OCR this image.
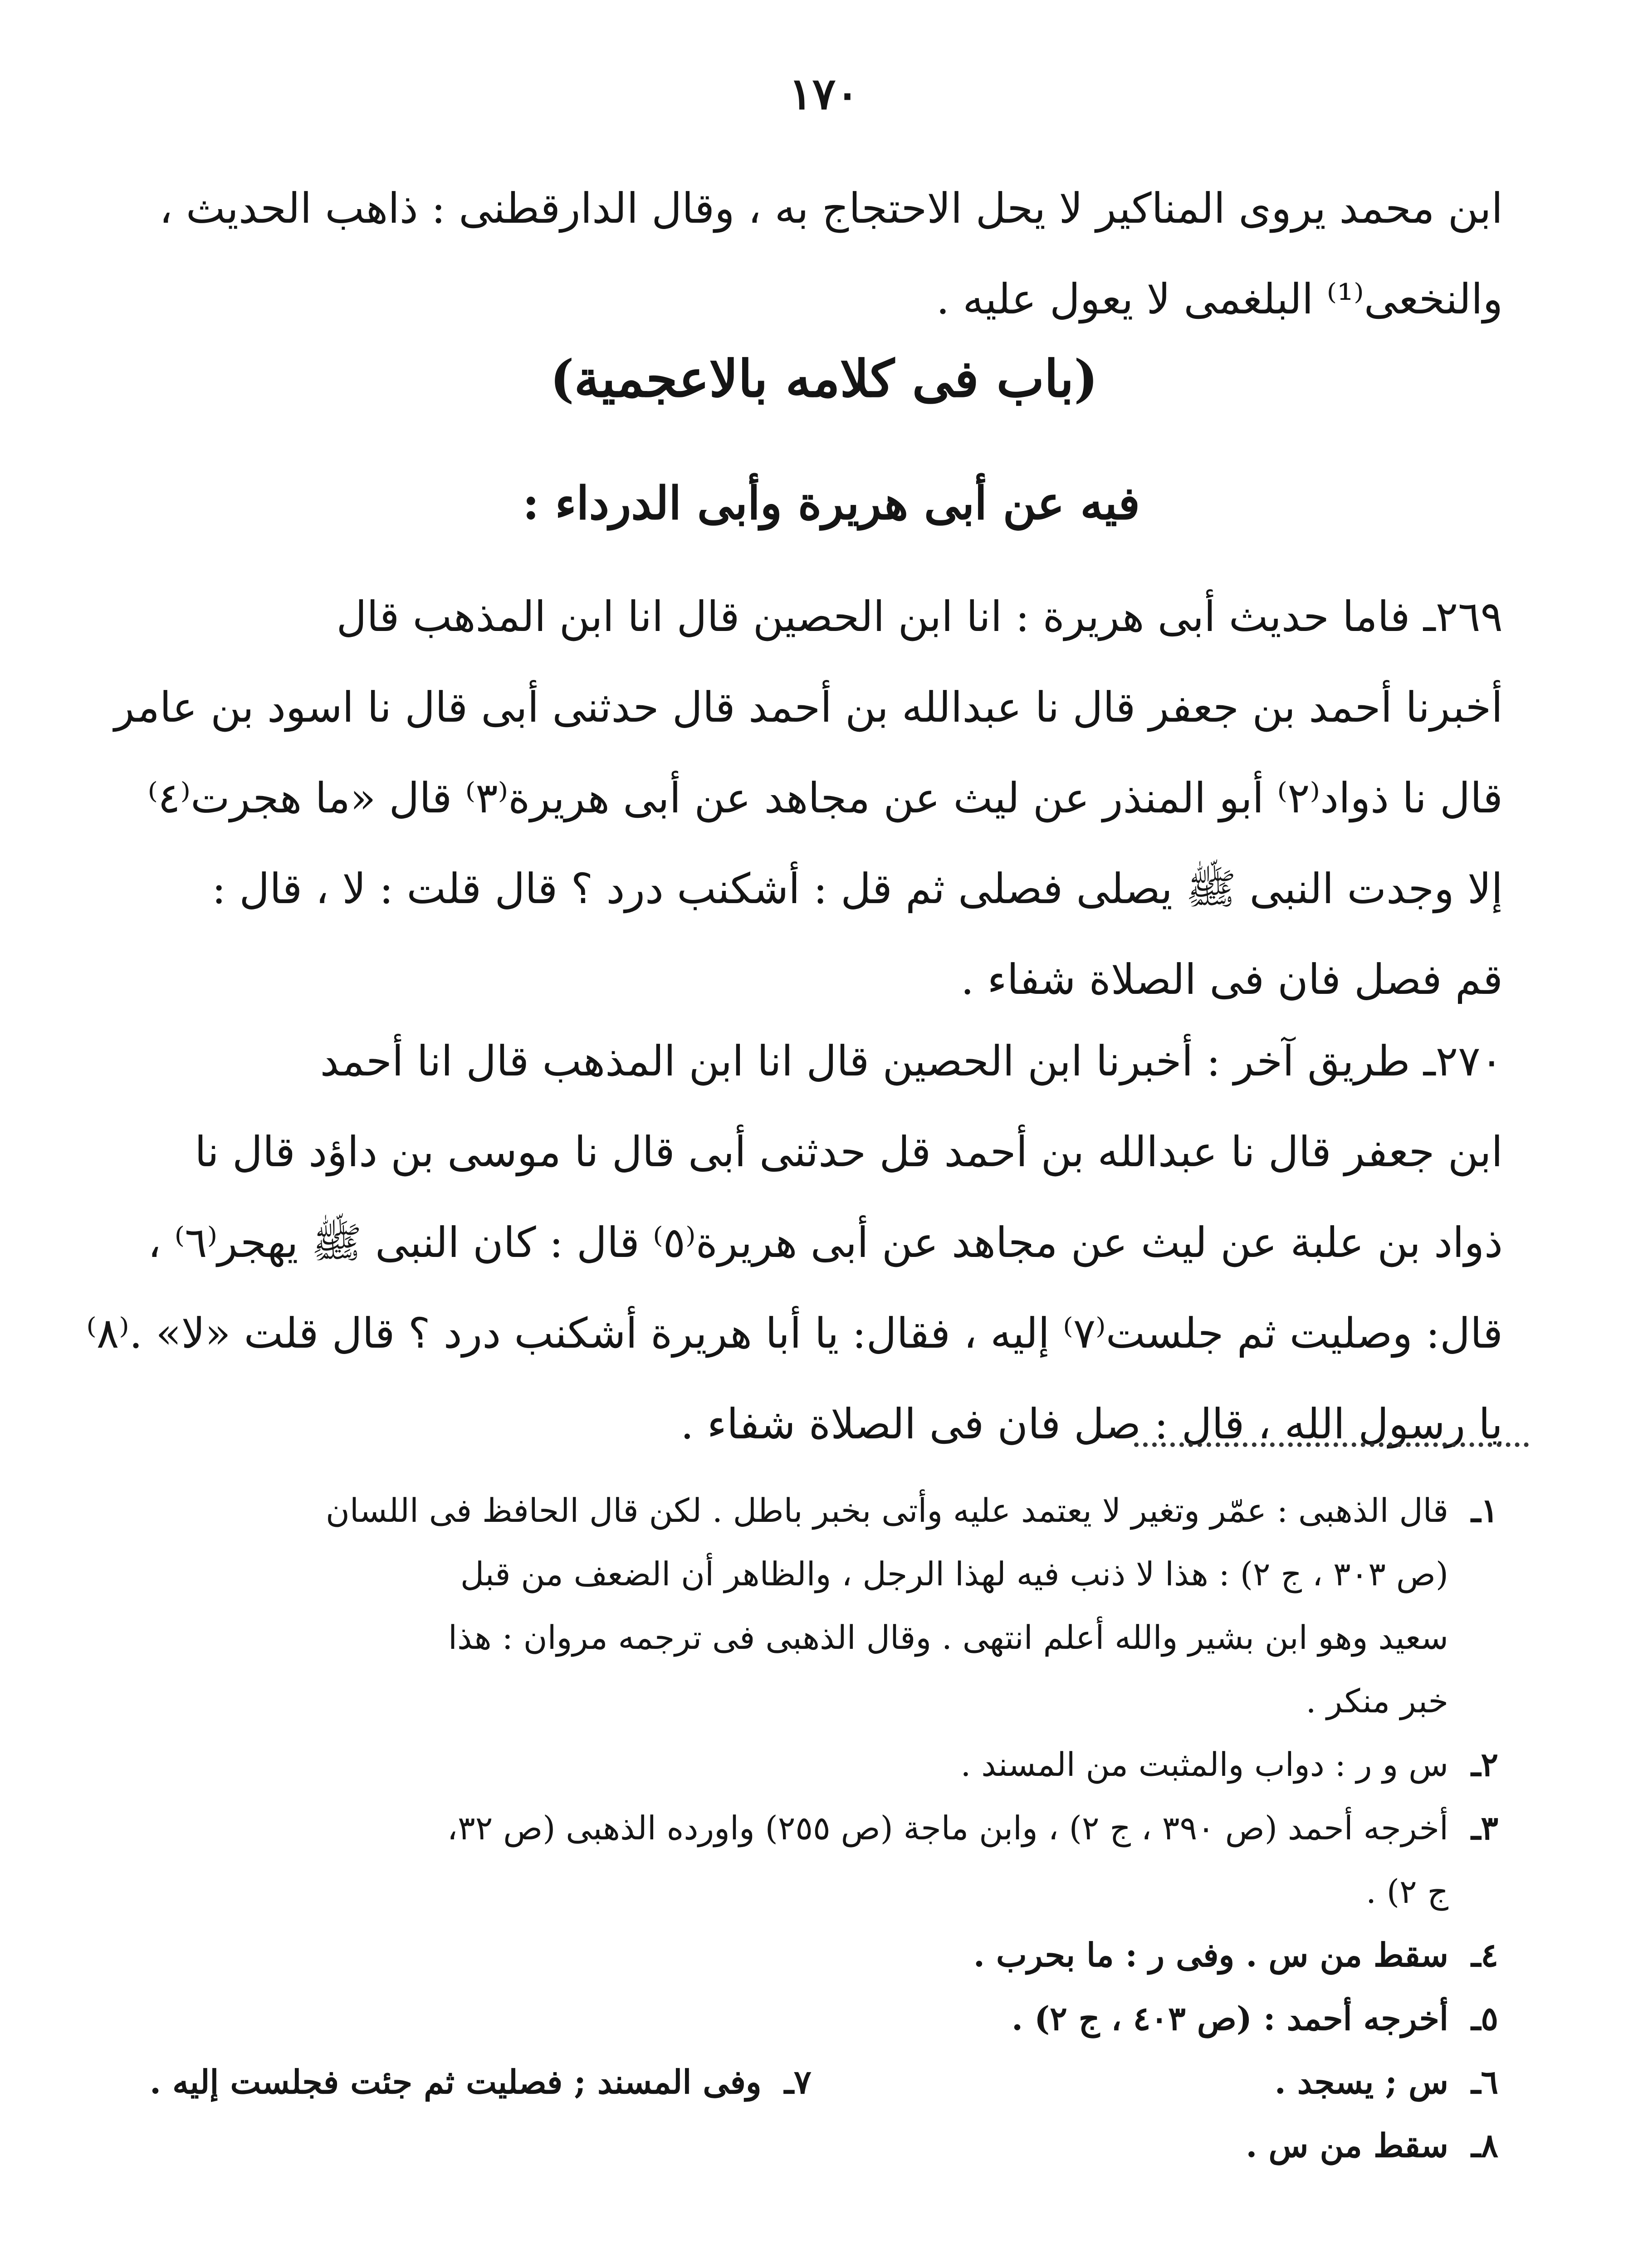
١٧٠
ابن محمد يروى المناكير لا يحل الاحتجاج به ، وقال الدارقطنى : ذاهب الحديث ،
والنخعى⁽¹⁾ البلغمى لا يعول عليه .
(باب فى كلامه بالاعجمية)
فيه عن أبى هريرة وأبى الدرداء :
٢٦٩ـ فاما حديث أبى هريرة : انا ابن الحصين قال انا ابن المذهب قال
أخبرنا أحمد بن جعفر قال نا عبدالله بن أحمد قال حدثنى أبى قال نا اسود بن عامر
قال نا ذواد⁽٢⁾ أبو المنذر عن ليث عن مجاهد عن أبى هريرة⁽٣⁾ قال «ما هجرت⁽٤⁾
إلا وجدت النبى ﷺ يصلى فصلى ثم قل : أشكنب درد ؟ قال قلت : لا ، قال :
قم فصل فان فى الصلاة شفاء .
٢٧٠ـ طريق آخر : أخبرنا ابن الحصين قال انا ابن المذهب قال انا أحمد
ابن جعفر قال نا عبدالله بن أحمد قل حدثنى أبى قال نا موسى بن داؤد قال نا
ذواد بن علبة عن ليث عن مجاهد عن أبى هريرة⁽٥⁾ قال : كان النبى ﷺ يهجر⁽٦⁾ ،
قال: وصليت ثم جلست⁽٧⁾ إليه ، فقال: يا أبا هريرة أشكنب درد ؟ قال قلت «لا» .⁽٨⁾
يا رسول الله ، قال : صل فان فى الصلاة شفاء .
١ـقال الذهبى : عمّر وتغير لا يعتمد عليه وأتى بخبر باطل . لكن قال الحافظ فى اللسان
(ص ٣٠٣ ، ج ٢) : هذا لا ذنب فيه لهذا الرجل ، والظاهر أن الضعف من قبل
سعيد وهو ابن بشير والله أعلم انتهى . وقال الذهبى فى ترجمه مروان : هذا
خبر منكر .
٢ـس و ر : دواب والمثبت من المسند .
٣ـأخرجه أحمد (ص ٣٩٠ ، ج ٢) ، وابن ماجة (ص ٢٥٥) واورده الذهبى (ص ٣٢،
ج ٢) .
٤ـسقط من س . وفى ر : ما بحرب .
٥ـأخرجه أحمد : (ص ٤٠٣ ، ج ٢) .
٦ـس ; يسجد .
٧ـوفى المسند ; فصليت ثم جئت فجلست إليه .
٨ـسقط من س .
